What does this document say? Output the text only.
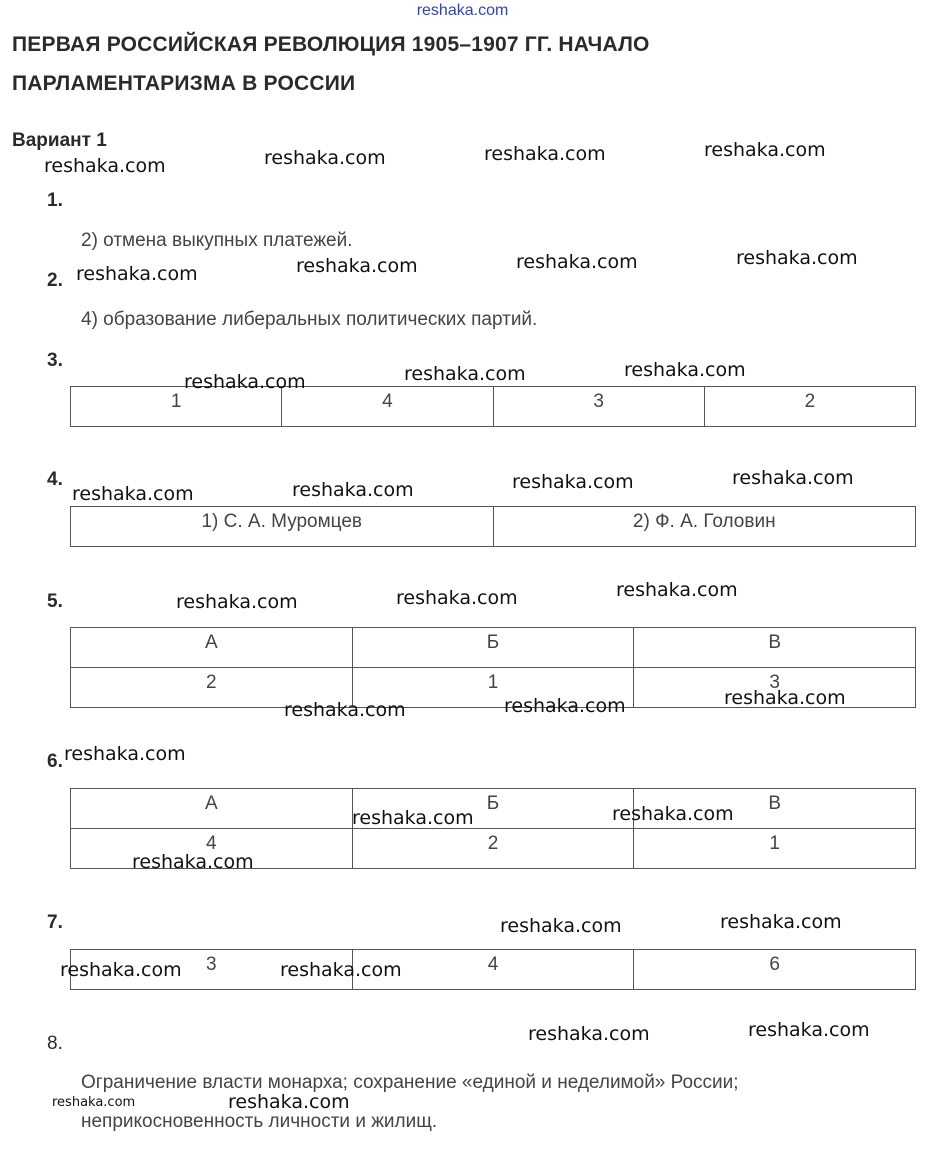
reshaka.com
ПЕРВАЯ РОССИЙСКАЯ РЕВОЛЮЦИЯ 1905–1907 ГГ. НАЧАЛО
ПАРЛАМЕНТАРИЗМА В РОССИИ
Вариант 1
1.
2) отмена выкупных платежей.
2.
4) образование либеральных политических партий.
3.
1	4	3	2
4.
1) С. А. Муромцев	2) Ф. А. Головин
5.
А	Б	В
2	1	3
6.
А	Б	В
4	2	1
7.
3	4	6
8.
Ограничение власти монарха; сохранение «единой и неделимой» России;
неприкосновенность личности и жилищ.
reshaka.com	reshaka.com	reshaka.com	reshaka.com
reshaka.com	reshaka.com	reshaka.com	reshaka.com
reshaka.com	reshaka.com	reshaka.com
reshaka.com	reshaka.com	reshaka.com	reshaka.com
reshaka.com	reshaka.com	reshaka.com
reshaka.com	reshaka.com	reshaka.com
reshaka.com
reshaka.com	reshaka.com
reshaka.com
reshaka.com	reshaka.com
reshaka.com	reshaka.com
reshaka.com	reshaka.com
reshaka.com	reshaka.com
